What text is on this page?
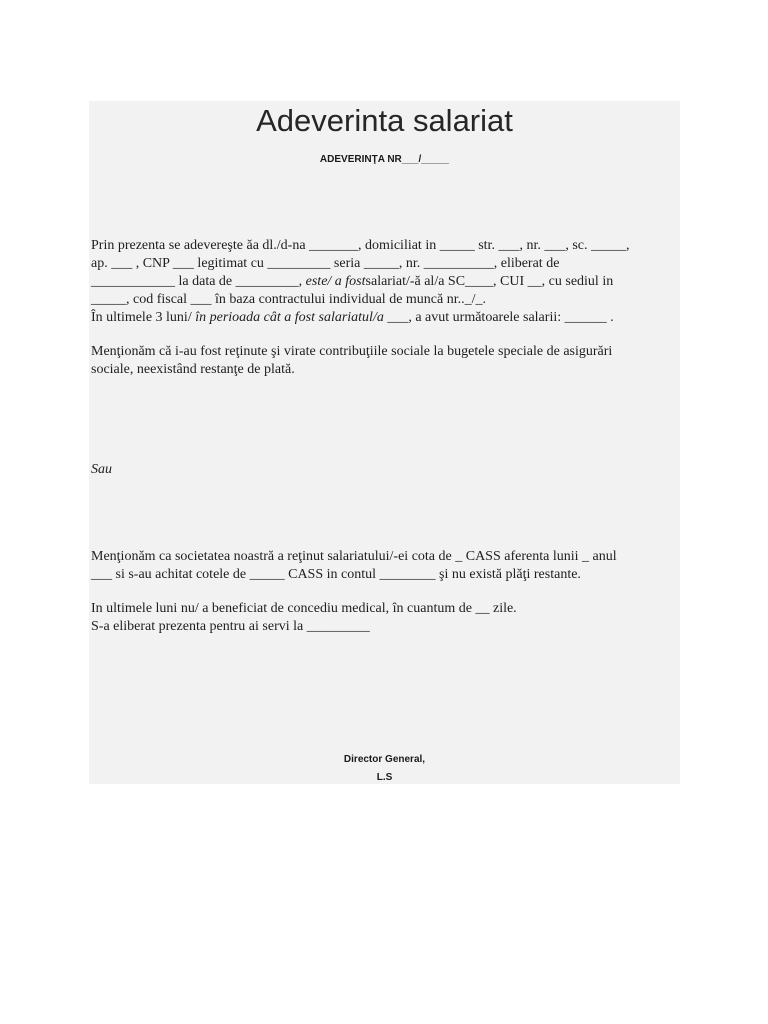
Adeverinta salariat
ADEVERINŢA NR___/_____
Prin prezenta se adevereşte ăa dl./d-na _______, domiciliat in _____ str. ___, nr. ___, sc. _____,
ap. ___ , CNP ___ legitimat cu _________ seria _____, nr. __________, eliberat de
____________ la data de _________, este/ a fostsalariat/-ă al/a SC____, CUI __, cu sediul in
_____, cod fiscal ___ în baza contractului individual de muncă nr.._/_.
În ultimele 3 luni/ în perioada cât a fost salariatul/a ___, a avut următoarele salarii: ______ .
Menţionăm că i-au fost reţinute şi virate contribuţiile sociale la bugetele speciale de asigurări
sociale, neexistând restanţe de plată.
Sau
Menţionăm ca societatea noastră a reţinut salariatului/-ei cota de _ CASS aferenta lunii _ anul
___ si s-au achitat cotele de _____ CASS in contul ________ şi nu există plăţi restante.
In ultimele luni nu/ a beneficiat de concediu medical, în cuantum de __ zile.
S-a eliberat prezenta pentru ai servi la _________
Director General,
L.S
